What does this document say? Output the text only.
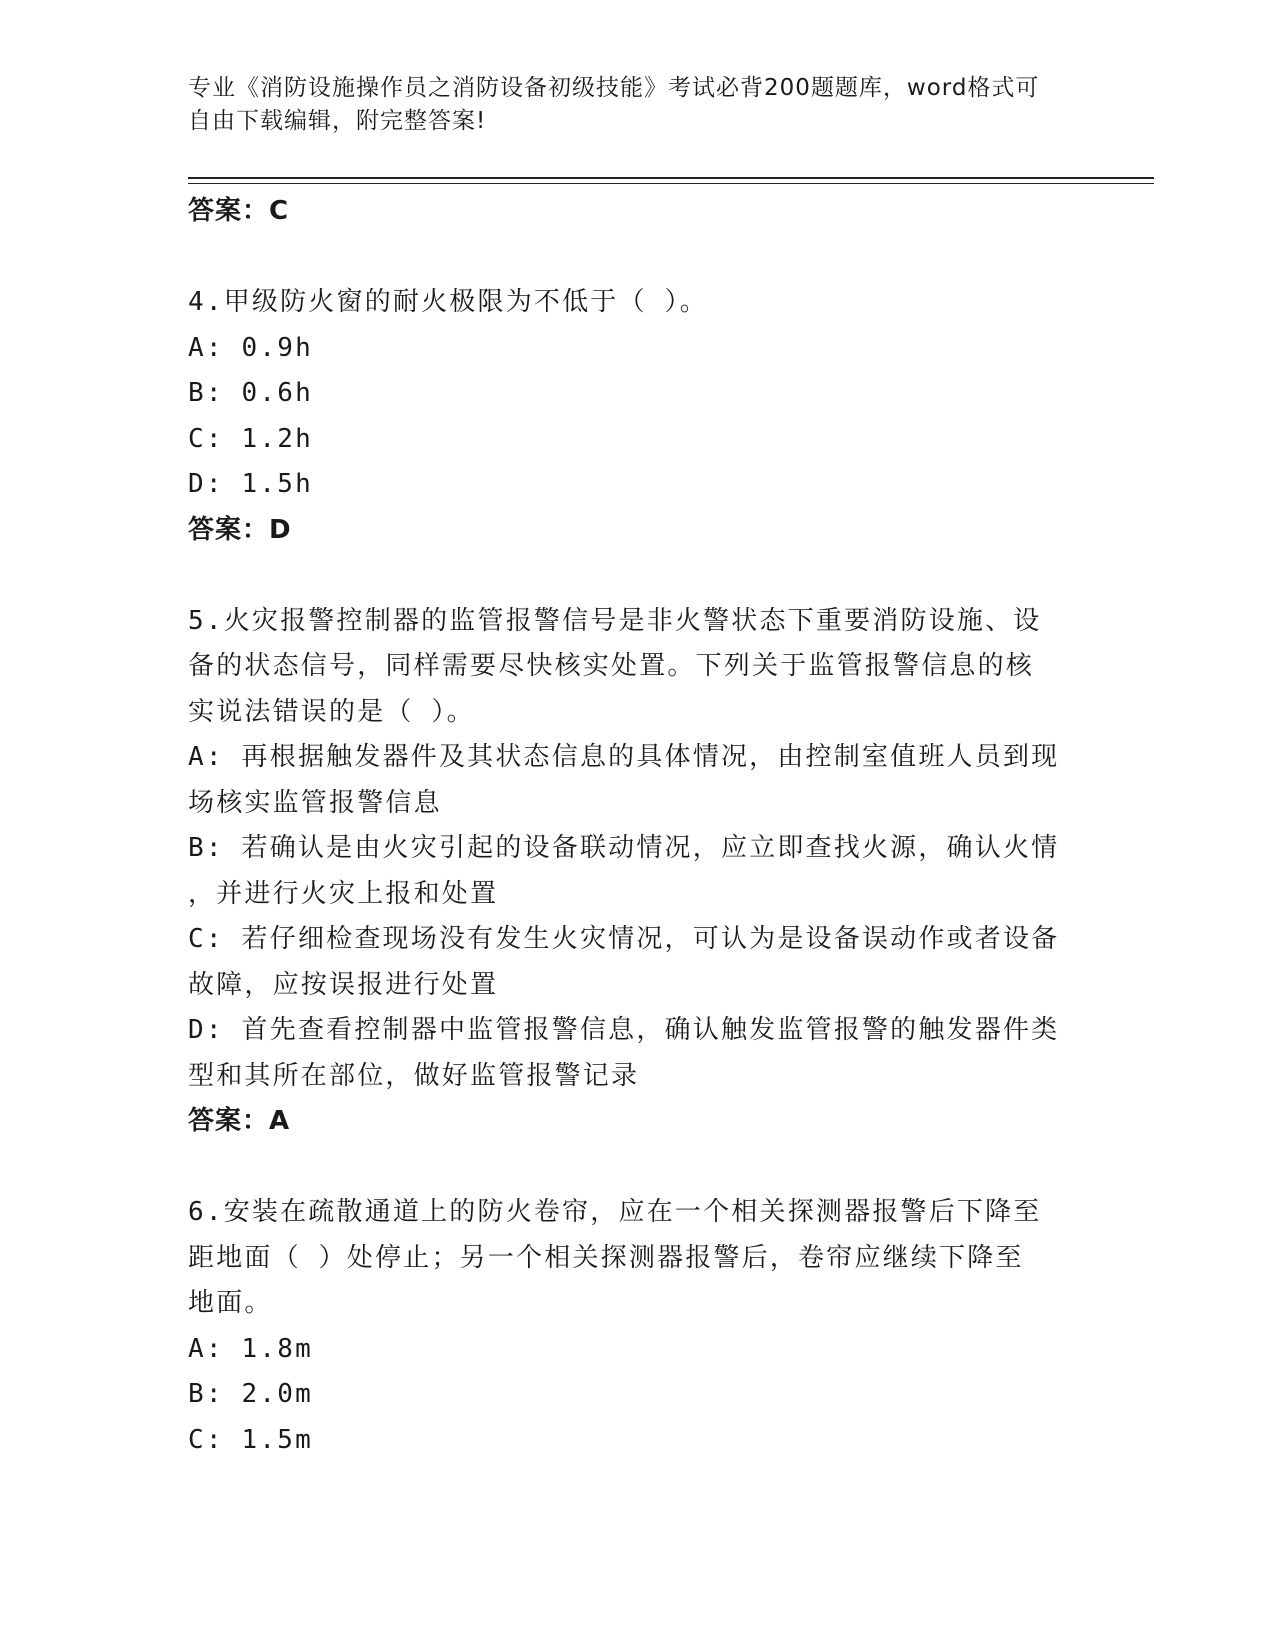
专业《消防设施操作员之消防设备初级技能》考试必背200题题库，word格式可
自由下载编辑，附完整答案!

答案：C

4.甲级防火窗的耐火极限为不低于（ ）。

A: 0.9h

B: 0.6h

C: 1.2h

D: 1.5h

答案：D

5.火灾报警控制器的监管报警信号是非火警状态下重要消防设施、设

备的状态信号，同样需要尽快核实处置。下列关于监管报警信息的核

实说法错误的是（ ）。

A: 再根据触发器件及其状态信息的具体情况，由控制室值班人员到现

场核实监管报警信息

B: 若确认是由火灾引起的设备联动情况，应立即查找火源，确认火情

，并进行火灾上报和处置

C: 若仔细检查现场没有发生火灾情况，可认为是设备误动作或者设备

故障，应按误报进行处置

D: 首先查看控制器中监管报警信息，确认触发监管报警的触发器件类

型和其所在部位，做好监管报警记录

答案：A

6.安装在疏散通道上的防火卷帘，应在一个相关探测器报警后下降至

距地面（ ）处停止；另一个相关探测器报警后，卷帘应继续下降至

地面。

A: 1.8m

B: 2.0m

C: 1.5m
